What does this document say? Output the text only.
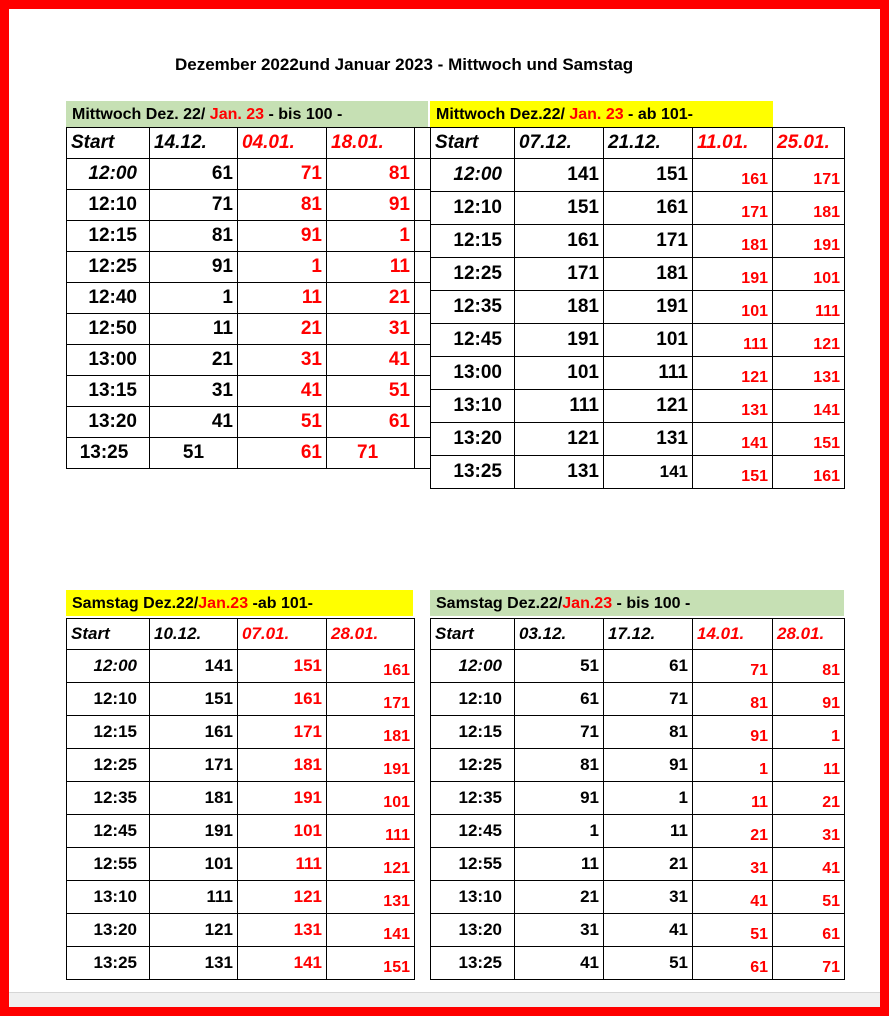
Dezember 2022und Januar 2023 - Mittwoch und Samstag
Mittwoch Dez. 22/ Jan. 23 - bis 100 -	Mittwoch Dez.22/ Jan. 23 - ab 101-
Start	14.12.	04.01.	18.01.	
12:00	61	71	81	
12:10	71	81	91	
12:15	81	91	1	
12:25	91	1	11	
12:40	1	11	21	
12:50	11	21	31	
13:00	21	31	41	
13:15	31	41	51	
13:20	41	51	61	
13:25	51	61	71	
Start	07.12.	21.12.	11.01.	25.01.
12:00	141	151	161	171
12:10	151	161	171	181
12:15	161	171	181	191
12:25	171	181	191	101
12:35	181	191	101	111
12:45	191	101	111	121
13:00	101	111	121	131
13:10	111	121	131	141
13:20	121	131	141	151
13:25	131	141	151	161
Samstag Dez.22/Jan.23 -ab 101-	Samstag Dez.22/Jan.23 - bis 100 -
Start	10.12.	07.01.	28.01.
12:00	141	151	161
12:10	151	161	171
12:15	161	171	181
12:25	171	181	191
12:35	181	191	101
12:45	191	101	111
12:55	101	111	121
13:10	111	121	131
13:20	121	131	141
13:25	131	141	151
Start	03.12.	17.12.	14.01.	28.01.
12:00	51	61	71	81
12:10	61	71	81	91
12:15	71	81	91	1
12:25	81	91	1	11
12:35	91	1	11	21
12:45	1	11	21	31
12:55	11	21	31	41
13:10	21	31	41	51
13:20	31	41	51	61
13:25	41	51	61	71
